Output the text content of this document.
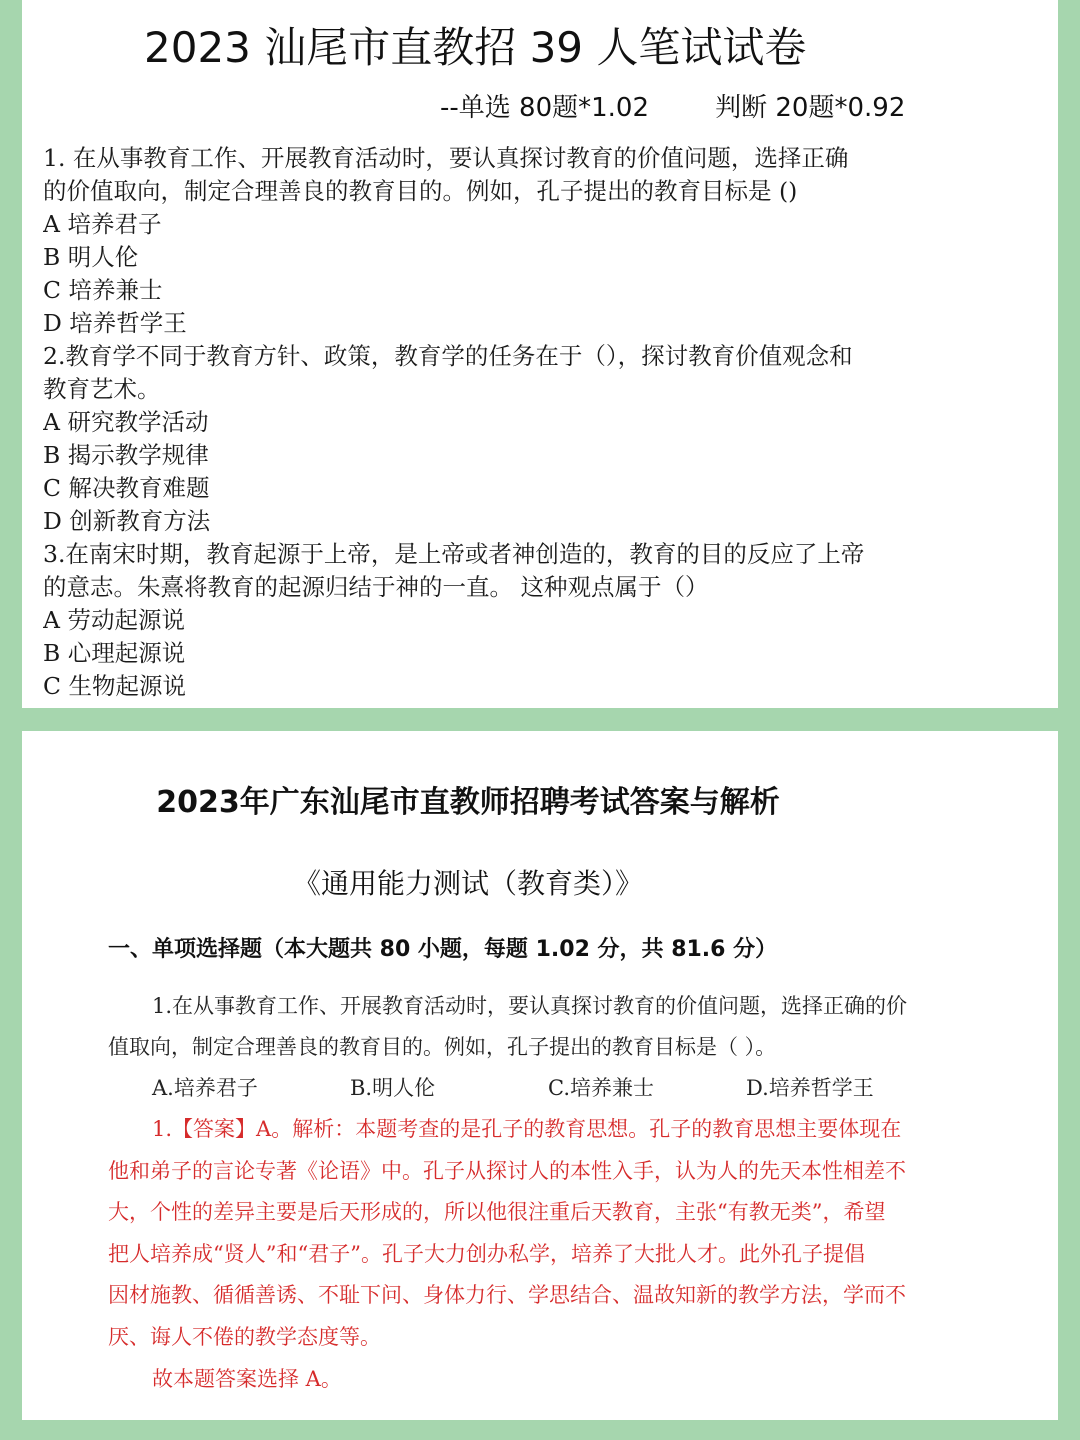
2023 汕尾市直教招 39 人笔试试卷
--单选 80题*1.02        判断 20题*0.92
1. 在从事教育工作、开展教育活动时，要认真探讨教育的价值问题，选择正确
的价值取向，制定合理善良的教育目的。例如，孔子提出的教育目标是 ()
A 培养君子
B 明人伦
C 培养兼士
D 培养哲学王
2.教育学不同于教育方针、政策，教育学的任务在于（），探讨教育价值观念和
教育艺术。
A 研究教学活动
B 揭示教学规律
C 解决教育难题
D 创新教育方法
3.在南宋时期，教育起源于上帝，是上帝或者神创造的，教育的目的反应了上帝
的意志。朱熹将教育的起源归结于神的一直。 这种观点属于（）
A 劳动起源说
B 心理起源说
C 生物起源说
2023年广东汕尾市直教师招聘考试答案与解析
《通用能力测试（教育类）》
一、单项选择题（本大题共 80 小题，每题 1.02 分，共 81.6 分）
1.在从事教育工作、开展教育活动时，要认真探讨教育的价值问题，选择正确的价
值取向，制定合理善良的教育目的。例如，孔子提出的教育目标是（ ）。
A.培养君子	B.明人伦	C.培养兼士	D.培养哲学王
1.【答案】A。解析：本题考查的是孔子的教育思想。孔子的教育思想主要体现在
他和弟子的言论专著《论语》中。孔子从探讨人的本性入手，认为人的先天本性相差不
大，个性的差异主要是后天形成的，所以他很注重后天教育，主张“有教无类”，希望
把人培养成“贤人”和“君子”。孔子大力创办私学，培养了大批人才。此外孔子提倡
因材施教、循循善诱、不耻下问、身体力行、学思结合、温故知新的教学方法，学而不
厌、诲人不倦的教学态度等。
故本题答案选择 A。
